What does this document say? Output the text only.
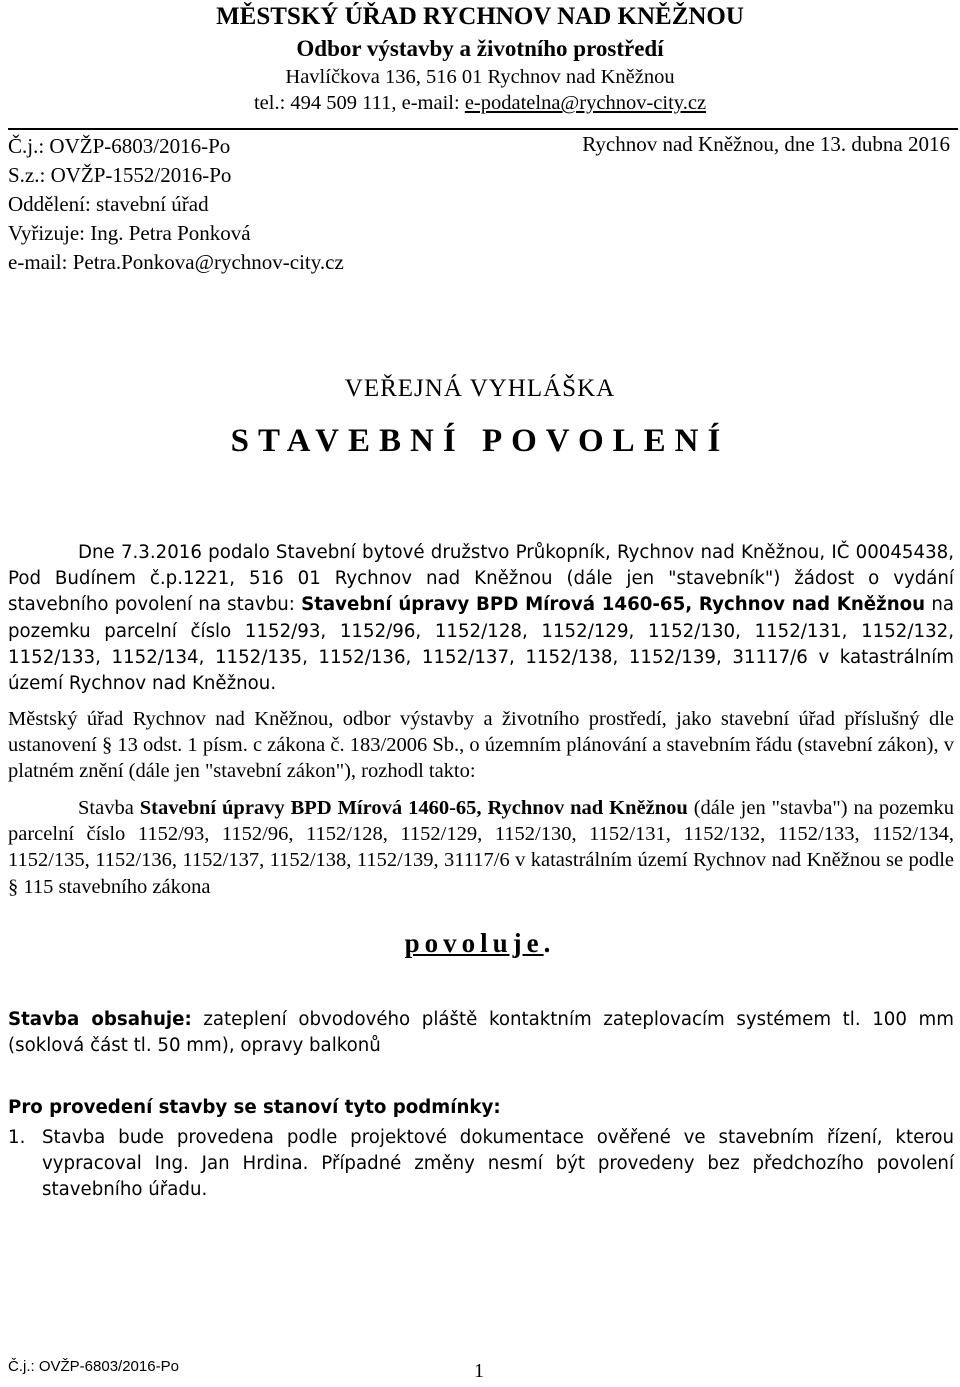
MĚSTSKÝ ÚŘAD RYCHNOV NAD KNĚŽNOU
Odbor výstavby a životního prostředí
Havlíčkova 136, 516 01 Rychnov nad Kněžnou
tel.: 494 509 111, e-mail: e-podatelna@rychnov-city.cz
Č.j.: OVŽP-6803/2016-Po
S.z.: OVŽP-1552/2016-Po
Oddělení: stavební úřad
Vyřizuje: Ing. Petra Ponková
e-mail: Petra.Ponkova@rychnov-city.cz
Rychnov nad Kněžnou, dne 13. dubna 2016
VEŘEJNÁ VYHLÁŠKA
STAVEBNÍ POVOLENÍ
Dne 7.3.2016 podalo Stavební bytové družstvo Průkopník, Rychnov nad Kněžnou, IČ 00045438, Pod Budínem č.p.1221, 516 01 Rychnov nad Kněžnou (dále jen "stavebník") žádost o vydání stavebního povolení na stavbu: Stavební úpravy BPD Mírová 1460-65, Rychnov nad Kněžnou na pozemku parcelní číslo 1152/93, 1152/96, 1152/128, 1152/129, 1152/130, 1152/131, 1152/132, 1152/133, 1152/134, 1152/135, 1152/136, 1152/137, 1152/138, 1152/139, 31117/6 v katastrálním území Rychnov nad Kněžnou.
Městský úřad Rychnov nad Kněžnou, odbor výstavby a životního prostředí, jako stavební úřad příslušný dle ustanovení § 13 odst. 1 písm. c zákona č. 183/2006 Sb., o územním plánování a stavebním řádu (stavební zákon), v platném znění (dále jen "stavební zákon"), rozhodl takto:
Stavba Stavební úpravy BPD Mírová 1460-65, Rychnov nad Kněžnou (dále jen "stavba") na pozemku parcelní číslo 1152/93, 1152/96, 1152/128, 1152/129, 1152/130, 1152/131, 1152/132, 1152/133, 1152/134, 1152/135, 1152/136, 1152/137, 1152/138, 1152/139, 31117/6 v katastrálním území Rychnov nad Kněžnou se podle § 115 stavebního zákona
povoluje.
Stavba obsahuje: zateplení obvodového pláště kontaktním zateplovacím systémem tl. 100 mm (soklová část tl. 50 mm), opravy balkonů
Pro provedení stavby se stanoví tyto podmínky:
1. Stavba bude provedena podle projektové dokumentace ověřené ve stavebním řízení, kterou vypracoval Ing. Jan Hrdina. Případné změny nesmí být provedeny bez předchozího povolení stavebního úřadu.
Č.j.: OVŽP-6803/2016-Po	1
